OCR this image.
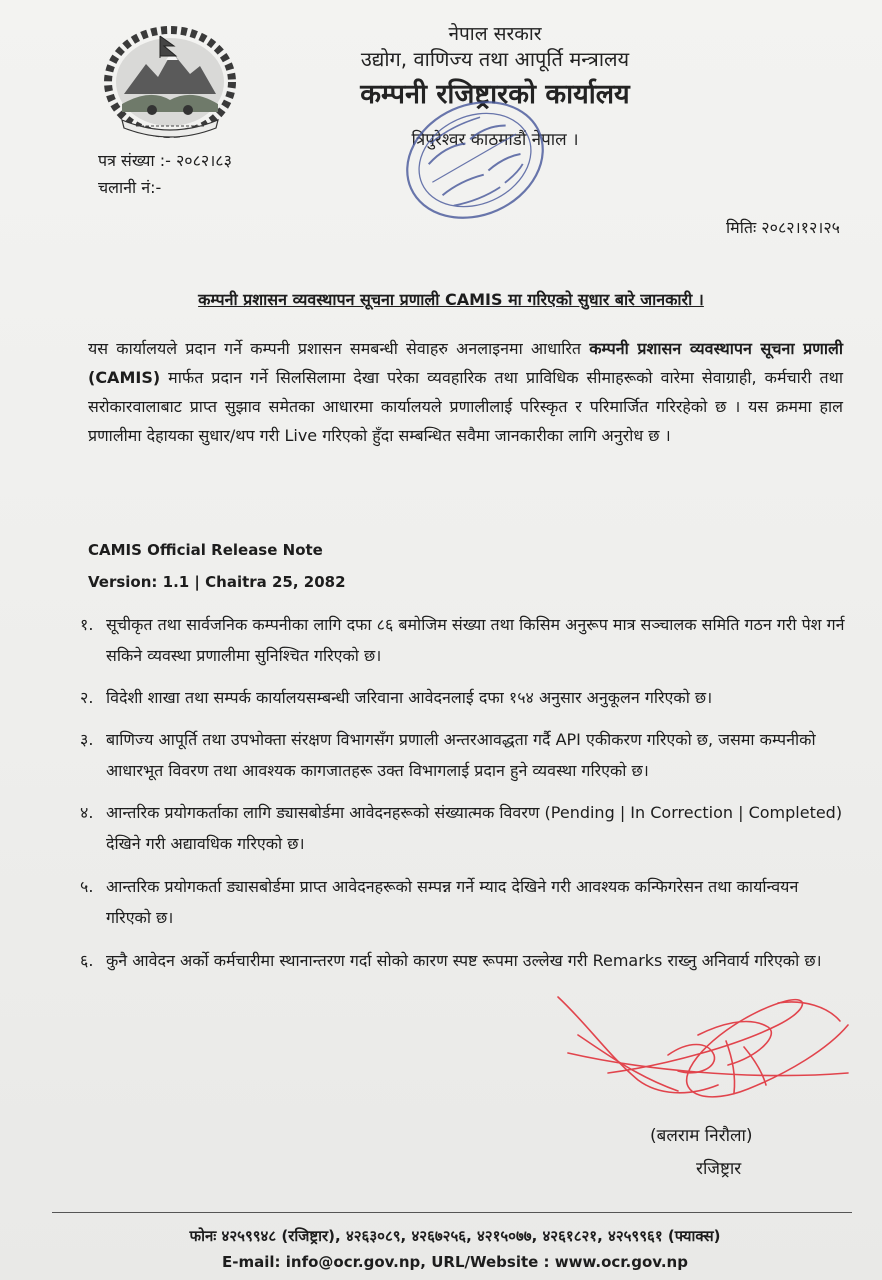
नेपाल सरकार
उद्योग, वाणिज्य तथा आपूर्ति मन्त्रालय
कम्पनी रजिष्ट्रारको कार्यालय
त्रिपुरेश्वर काठमाडौं नेपाल ।
पत्र संख्या :- २०८२।८३
चलानी नं:-
मितिः २०८२।१२।२५
कम्पनी प्रशासन व्यवस्थापन सूचना प्रणाली CAMIS मा गरिएको सुधार बारे जानकारी ।
यस कार्यालयले प्रदान गर्ने कम्पनी प्रशासन समबन्धी सेवाहरु अनलाइनमा आधारित कम्पनी प्रशासन व्यवस्थापन सूचना प्रणाली (CAMIS) मार्फत प्रदान गर्ने सिलसिलामा देखा परेका व्यवहारिक तथा प्राविधिक सीमाहरूको वारेमा सेवाग्राही, कर्मचारी तथा सरोकारवालाबाट प्राप्त सुझाव समेतका आधारमा कार्यालयले प्रणालीलाई परिस्कृत र परिमार्जित गरिरहेको छ । यस क्रममा हाल प्रणालीमा देहायका सुधार/थप गरी Live गरिएको हुँदा सम्बन्धित सवैमा जानकारीका लागि अनुरोध छ ।
CAMIS Official Release Note
Version: 1.1 | Chaitra 25, 2082
१. सूचीकृत तथा सार्वजनिक कम्पनीका लागि दफा ८६ बमोजिम संख्या तथा किसिम अनुरूप मात्र सञ्चालक समिति गठन गरी पेश गर्न सकिने व्यवस्था प्रणालीमा सुनिश्चित गरिएको छ।
२. विदेशी शाखा तथा सम्पर्क कार्यालयसम्बन्धी जरिवाना आवेदनलाई दफा १५४ अनुसार अनुकूलन गरिएको छ।
३. बाणिज्य आपूर्ति तथा उपभोक्ता संरक्षण विभागसँग प्रणाली अन्तरआवद्धता गर्दै API एकीकरण गरिएको छ, जसमा कम्पनीको आधारभूत विवरण तथा आवश्यक कागजातहरू उक्त विभागलाई प्रदान हुने व्यवस्था गरिएको छ।
४. आन्तरिक प्रयोगकर्ताका लागि ड्यासबोर्डमा आवेदनहरूको संख्यात्मक विवरण (Pending | In Correction | Completed) देखिने गरी अद्यावधिक गरिएको छ।
५. आन्तरिक प्रयोगकर्ता ड्यासबोर्डमा प्राप्त आवेदनहरूको सम्पन्न गर्ने म्याद देखिने गरी आवश्यक कन्फिगरेसन तथा कार्यान्वयन गरिएको छ।
६. कुनै आवेदन अर्को कर्मचारीमा स्थानान्तरण गर्दा सोको कारण स्पष्ट रूपमा उल्लेख गरी Remarks राख्नु अनिवार्य गरिएको छ।
(बलराम निरौला)
रजिष्ट्रार
फोनः ४२५९९४८ (रजिष्ट्रार), ४२६३०८९, ४२६७२५६, ४२१५०७७, ४२६१८२१, ४२५९९६१ (फ्याक्स)
E-mail: info@ocr.gov.np, URL/Website : www.ocr.gov.np
